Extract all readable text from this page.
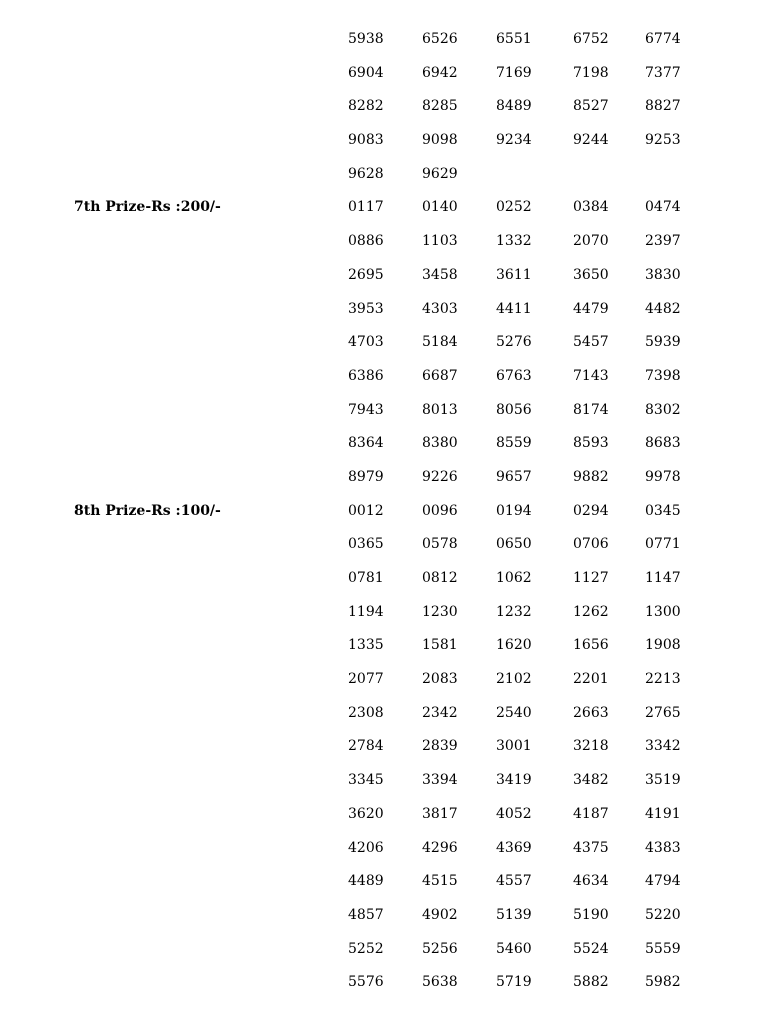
5938	6526	6551	6752	6774
6904	6942	7169	7198	7377
8282	8285	8489	8527	8827
9083	9098	9234	9244	9253
9628	9629
7th Prize-Rs :200/-	0117	0140	0252	0384	0474
0886	1103	1332	2070	2397
2695	3458	3611	3650	3830
3953	4303	4411	4479	4482
4703	5184	5276	5457	5939
6386	6687	6763	7143	7398
7943	8013	8056	8174	8302
8364	8380	8559	8593	8683
8979	9226	9657	9882	9978
8th Prize-Rs :100/-	0012	0096	0194	0294	0345
0365	0578	0650	0706	0771
0781	0812	1062	1127	1147
1194	1230	1232	1262	1300
1335	1581	1620	1656	1908
2077	2083	2102	2201	2213
2308	2342	2540	2663	2765
2784	2839	3001	3218	3342
3345	3394	3419	3482	3519
3620	3817	4052	4187	4191
4206	4296	4369	4375	4383
4489	4515	4557	4634	4794
4857	4902	5139	5190	5220
5252	5256	5460	5524	5559
5576	5638	5719	5882	5982
